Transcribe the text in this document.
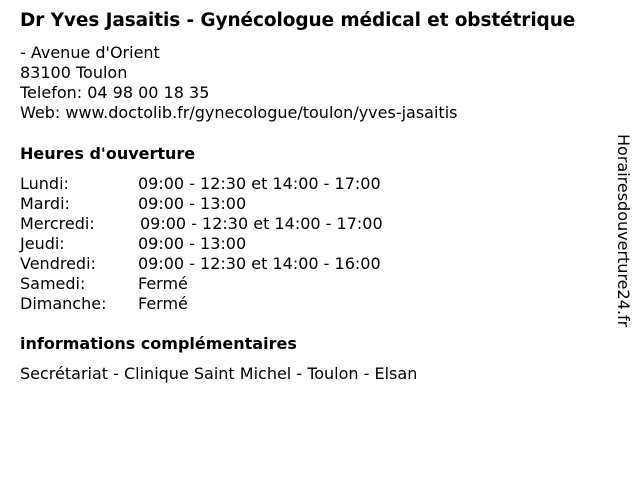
Dr Yves Jasaitis - Gynécologue médical et obstétrique
- Avenue d'Orient
83100 Toulon
Telefon: 04 98 00 18 35
Web: www.doctolib.fr/gynecologue/toulon/yves-jasaitis
Heures d'ouverture
Lundi:	09:00 - 12:30 et 14:00 - 17:00
Mardi:	09:00 - 13:00
Mercredi:	09:00 - 12:30 et 14:00 - 17:00
Jeudi:	09:00 - 13:00
Vendredi:	09:00 - 12:30 et 14:00 - 16:00
Samedi:	Fermé
Dimanche: Fermé
informations complémentaires
Secrétariat - Clinique Saint Michel - Toulon - Elsan
Horairesdouverture24.fr
